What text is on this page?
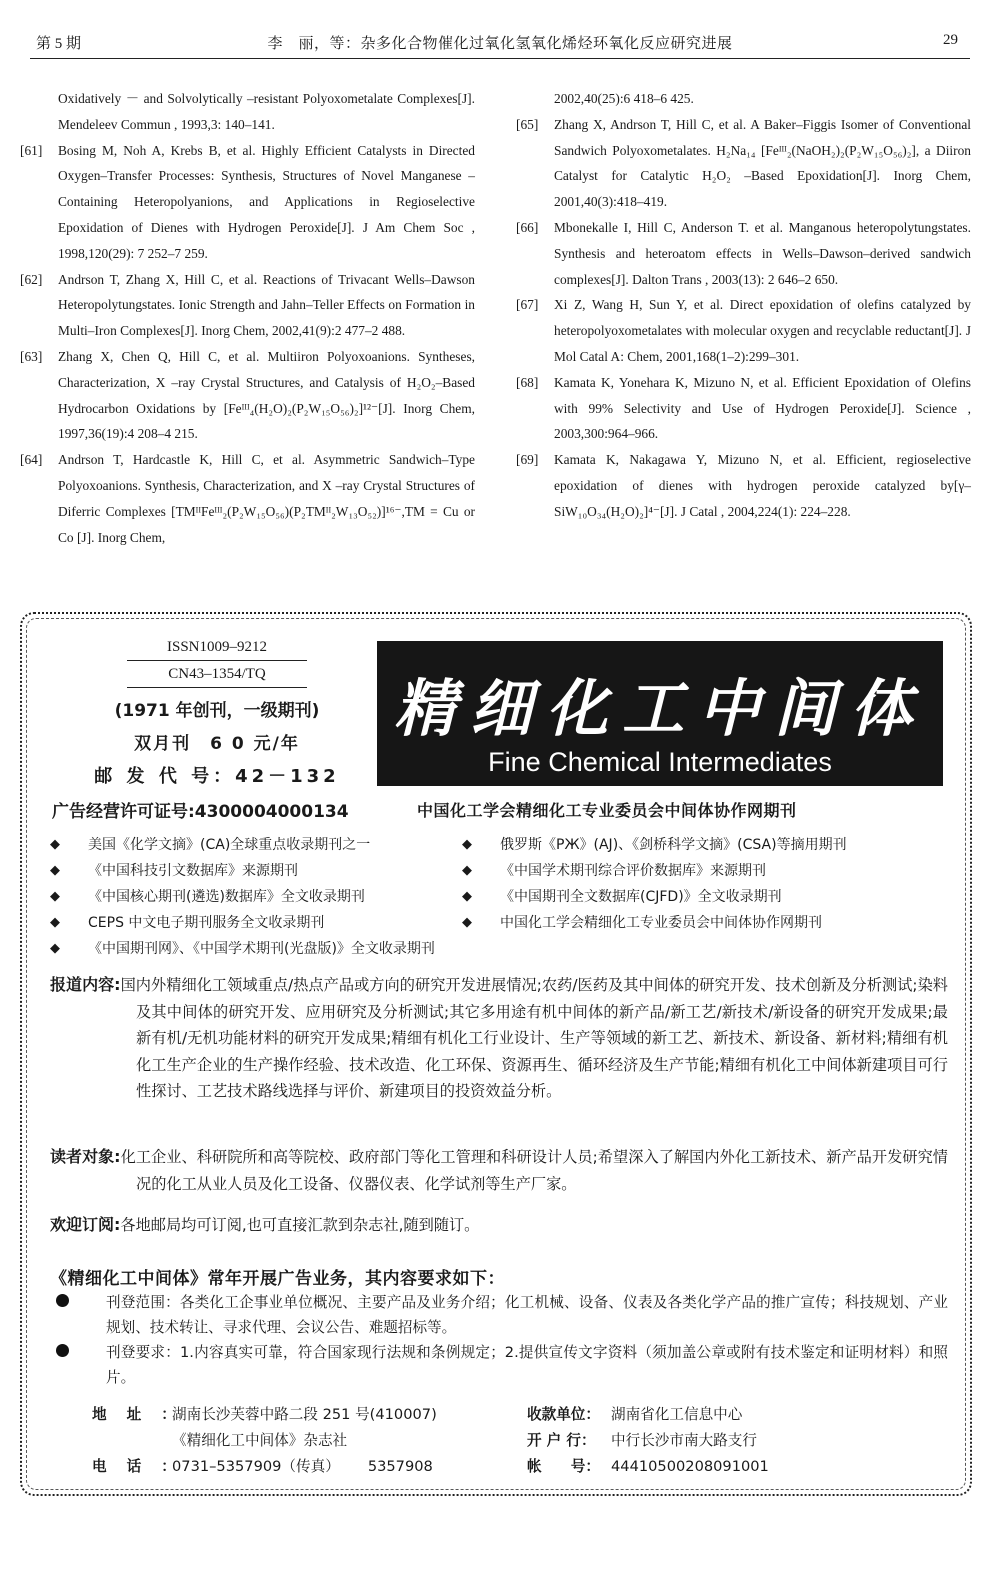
第 5 期	李　丽，等：杂多化合物催化过氧化氢氧化烯烃环氧化反应研究进展	29
Oxidatively － and Solvolytically –resistant Polyoxometalate Complexes[J]. Mendeleev Commun , 1993,3: 140–141.
[61] Bosing M, Noh A, Krebs B, et al. Highly Efficient Catalysts in Directed Oxygen–Transfer Processes: Synthesis, Structures of Novel Manganese –Containing Heteropolyanions, and Applications in Regioselective Epoxidation of Dienes with Hydrogen Peroxide[J]. J Am Chem Soc , 1998,120(29): 7 252–7 259.
[62] Andrson T, Zhang X, Hill C, et al. Reactions of Trivacant Wells–Dawson Heteropolytungstates. Ionic Strength and Jahn–Teller Effects on Formation in Multi–Iron Complexes[J]. Inorg Chem, 2002,41(9):2 477–2 488.
[63] Zhang X, Chen Q, Hill C, et al. Multiiron Polyoxoanions. Syntheses, Characterization, X –ray Crystal Structures, and Catalysis of H₂O₂–Based Hydrocarbon Oxidations by [Feᴵᴵᴵ₄(H₂O)₂(P₂W₁₅O₅₆)₂]¹²⁻[J]. Inorg Chem, 1997,36(19):4 208–4 215.
[64] Andrson T, Hardcastle K, Hill C, et al. Asymmetric Sandwich–Type Polyoxoanions. Synthesis, Characterization, and X –ray Crystal Structures of Diferric Complexes [TMᴵᴵFeᴵᴵᴵ₂(P₂W₁₅O₅₆)(P₂TMᴵᴵ₂W₁₃O₅₂)]¹⁶⁻,TM = Cu or Co [J]. Inorg Chem,
2002,40(25):6 418–6 425.
[65] Zhang X, Andrson T, Hill C, et al. A Baker–Figgis Isomer of Conventional Sandwich Polyoxometalates. H₂Na₁₄ [Feᴵᴵᴵ₂(NaOH₂)₂(P₂W₁₅O₅₆)₂], a Diiron Catalyst for Catalytic H₂O₂ –Based Epoxidation[J]. Inorg Chem, 2001,40(3):418–419.
[66] Mbonekalle I, Hill C, Anderson T. et al. Manganous heteropolytungstates. Synthesis and heteroatom effects in Wells–Dawson–derived sandwich complexes[J]. Dalton Trans , 2003(13): 2 646–2 650.
[67] Xi Z, Wang H, Sun Y, et al. Direct epoxidation of olefins catalyzed by heteropolyoxometalates with molecular oxygen and recyclable reductant[J]. J Mol Catal A: Chem, 2001,168(1–2):299–301.
[68] Kamata K, Yonehara K, Mizuno N, et al. Efficient Epoxidation of Olefins with 99% Selectivity and Use of Hydrogen Peroxide[J]. Science , 2003,300:964–966.
[69] Kamata K, Nakagawa Y, Mizuno N, et al. Efficient, regioselective epoxidation of dienes with hydrogen peroxide catalyzed by[γ–SiW₁₀O₃₄(H₂O)₂]⁴⁻[J]. J Catal , 2004,224(1): 224–228.
ISSN1009–9212 CN43–1354/TQ
(1971 年创刊，一级期刊)
双月刊　6 0 元/年
邮 发 代 号：42－132
广告经营许可证号:4300004000134
精细化工中间体
Fine Chemical Intermediates
中国化工学会精细化工专业委员会中间体协作网期刊
◆ 美国《化学文摘》(CA)全球重点收录期刊之一
◆ 《中国科技引文数据库》来源期刊
◆ 《中国核心期刊(遴选)数据库》全文收录期刊
◆ CEPS 中文电子期刊服务全文收录期刊
◆ 《中国期刊网》、《中国学术期刊(光盘版)》全文收录期刊
◆ 俄罗斯《РЖ》(AJ)、《剑桥科学文摘》(CSA)等摘用期刊
◆ 《中国学术期刊综合评价数据库》来源期刊
◆ 《中国期刊全文数据库(CJFD)》全文收录期刊
◆ 中国化工学会精细化工专业委员会中间体协作网期刊
报道内容:国内外精细化工领域重点/热点产品或方向的研究开发进展情况;农药/医药及其中间体的研究开发、技术创新及分析测试;染料及其中间体的研究开发、应用研究及分析测试;其它多用途有机中间体的新产品/新工艺/新技术/新设备的研究开发成果;最新有机/无机功能材料的研究开发成果;精细有机化工行业设计、生产等领域的新工艺、新技术、新设备、新材料;精细有机化工生产企业的生产操作经验、技术改造、化工环保、资源再生、循环经济及生产节能;精细有机化工中间体新建项目可行性探讨、工艺技术路线选择与评价、新建项目的投资效益分析。
读者对象:化工企业、科研院所和高等院校、政府部门等化工管理和科研设计人员;希望深入了解国内外化工新技术、新产品开发研究情况的化工从业人员及化工设备、仪器仪表、化学试剂等生产厂家。
欢迎订阅:各地邮局均可订阅,也可直接汇款到杂志社,随到随订。
《精细化工中间体》常年开展广告业务，其内容要求如下：
刊登范围：各类化工企事业单位概况、主要产品及业务介绍；化工机械、设备、仪表及各类化学产品的推广宣传；科技规划、产业规划、技术转让、寻求代理、会议公告、难题招标等。
刊登要求：1.内容真实可靠，符合国家现行法规和条例规定；2.提供宣传文字资料（须加盖公章或附有技术鉴定和证明材料）和照片。
地址：湖南长沙芙蓉中路二段 251 号(410007)
《精细化工中间体》杂志社
电话：0731–5357909（传真） 5357908
收款单位： 湖南省化工信息中心
开 户 行： 中行长沙市南大路支行
帐　　号： 44410500208091001
